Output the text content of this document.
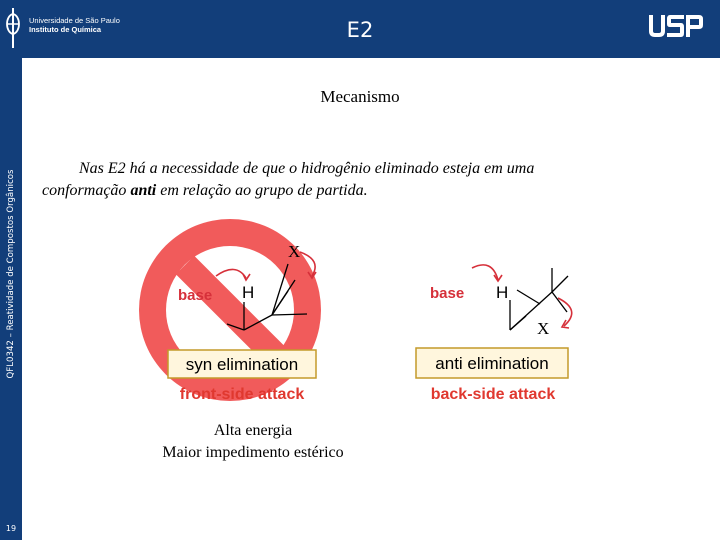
Universidade de São Paulo
Instituto de Química	E2
QFL0342 – Reatividade de Compostos Orgânicos
19
Mecanismo
Nas E2 há a necessidade de que o hidrogênio eliminado esteja em uma
conformação anti em relação ao grupo de partida.
H
X
base
syn elimination
front-side attack
H
X
base
anti elimination
back-side attack
Alta energia
Maior impedimento estérico
